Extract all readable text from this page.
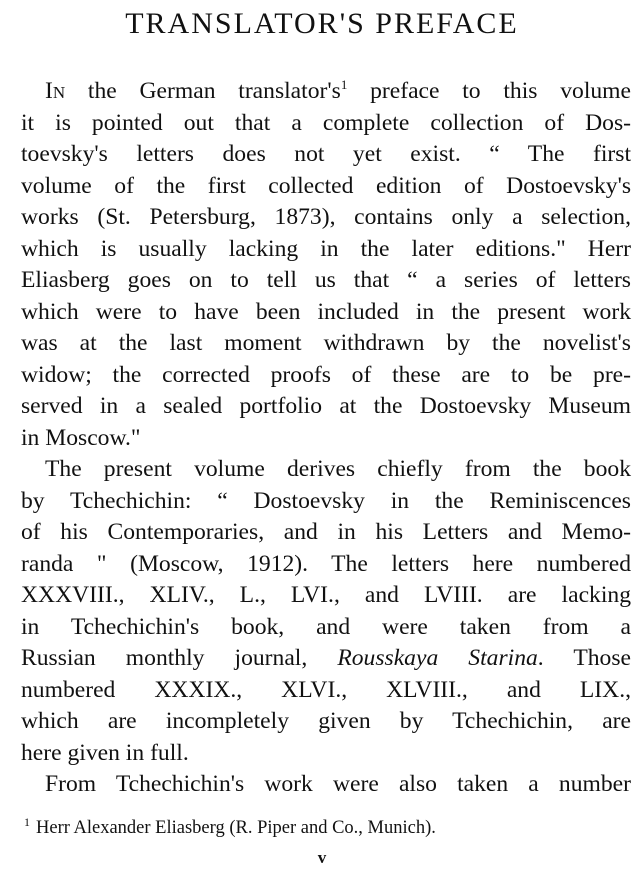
TRANSLATOR'S PREFACE
In the German translator's$^1$ preface to this volume
it is pointed out that a complete collection of Dos-
toevsky's letters does not yet exist. “ The first
volume of the first collected edition of Dostoevsky's
works (St. Petersburg, 1873), contains only a selection,
which is usually lacking in the later editions." Herr
Eliasberg goes on to tell us that “ a series of letters
which were to have been included in the present work
was at the last moment withdrawn by the novelist's
widow; the corrected proofs of these are to be pre-
served in a sealed portfolio at the Dostoevsky Museum
in Moscow."
The present volume derives chiefly from the book
by Tchechichin: “ Dostoevsky in the Reminiscences
of his Contemporaries, and in his Letters and Memo-
randa " (Moscow, 1912). The letters here numbered
XXXVIII., XLIV., L., LVI., and LVIII. are lacking
in Tchechichin's book, and were taken from a
Russian monthly journal, Rousskaya Starina. Those
numbered XXXIX., XLVI., XLVIII., and LIX.,
which are incompletely given by Tchechichin, are
here given in full.
From Tchechichin's work were also taken a number
$^1$ Herr Alexander Eliasberg (R. Piper and Co., Munich).
v
